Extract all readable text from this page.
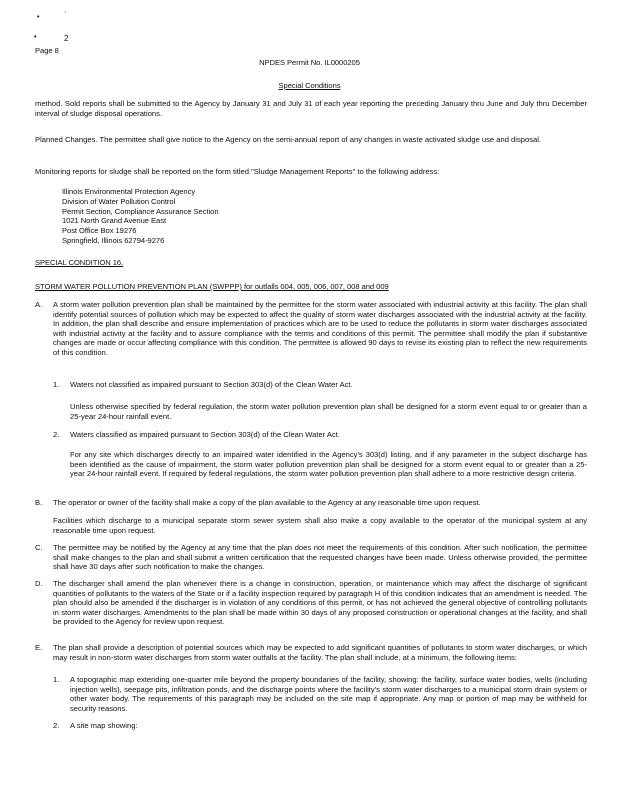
•	˙
•	2
Page 8
NPDES Permit No. IL0000205
Special Conditions
method. Sold reports shall be submitted to the Agency by January 31 and July 31 of each year reporting the preceding January thru June and July thru December interval of sludge disposal operations.
Planned Changes. The permittee shall give notice to the Agency on the semi-annual report of any changes in waste activated sludge use and disposal.
Monitoring reports for sludge shall be reported on the form titled "Sludge Management Reports" to the following address:
Illinois Environmental Protection Agency
Division of Water Pollution Control
Permit Section, Compliance Assurance Section
1021 North Grand Avenue East
Post Office Box 19276
Springfield, Illinois 62794-9276
SPECIAL CONDITION 16.
STORM WATER POLLUTION PREVENTION PLAN (SWPPP) for outfalls 004, 005, 006, 007, 008 and 009
A. A storm water pollution prevention plan shall be maintained by the permittee for the storm water associated with industrial activity at this facility. The plan shall identify potential sources of pollution which may be expected to affect the quality of storm water discharges associated with the industrial activity at the facility. In addition, the plan shall describe and ensure implementation of practices which are to be used to reduce the pollutants in storm water discharges associated with industrial activity at the facility and to assure compliance with the terms and conditions of this permit. The permittee shall modify the plan if substantive changes are made or occur affecting compliance with this condition. The permittee is allowed 90 days to revise its existing plan to reflect the new requirements of this condition.
1. Waters not classified as impaired pursuant to Section 303(d) of the Clean Water Act.
Unless otherwise specified by federal regulation, the storm water pollution prevention plan shall be designed for a storm event equal to or greater than a 25-year 24-hour rainfall event.
2. Waters classified as impaired pursuant to Section 303(d) of the Clean Water Act.
For any site which discharges directly to an impaired water identified in the Agency's 303(d) listing, and if any parameter in the subject discharge has been identified as the cause of impairment, the storm water pollution prevention plan shall be designed for a storm event equal to or greater than a 25-year 24-hour rainfall event. If required by federal regulations, the storm water pollution prevention plan shall adhere to a more restrictive design criteria.
B. The operator or owner of the facility shall make a copy of the plan available to the Agency at any reasonable time upon request.
Facilities which discharge to a municipal separate storm sewer system shall also make a copy available to the operator of the municipal system at any reasonable time upon request.
C. The permittee may be notified by the Agency at any time that the plan does not meet the requirements of this condition. After such notification, the permittee shall make changes to the plan and shall submit a written certification that the requested changes have been made. Unless otherwise provided, the permittee shall have 30 days after such notification to make the changes.
D. The discharger shall amend the plan whenever there is a change in construction, operation, or maintenance which may affect the discharge of significant quantities of pollutants to the waters of the State or if a facility inspection required by paragraph H of this condition indicates that an amendment is needed. The plan should also be amended if the discharger is in violation of any conditions of this permit, or has not achieved the general objective of controlling pollutants in storm water discharges. Amendments to the plan shall be made within 30 days of any proposed construction or operational changes at the facility, and shall be provided to the Agency for review upon request.
E. The plan shall provide a description of potential sources which may be expected to add significant quantities of pollutants to storm water discharges, or which may result in non-storm water discharges from storm water outfalls at the facility. The plan shall include, at a minimum, the following items:
1. A topographic map extending one-quarter mile beyond the property boundaries of the facility, showing: the facility, surface water bodies, wells (including injection wells), seepage pits, infiltration ponds, and the discharge points where the facility's storm water discharges to a municipal storm drain system or other water body. The requirements of this paragraph may be included on the site map if appropriate. Any map or portion of map may be withheld for security reasons.
2. A site map showing:
